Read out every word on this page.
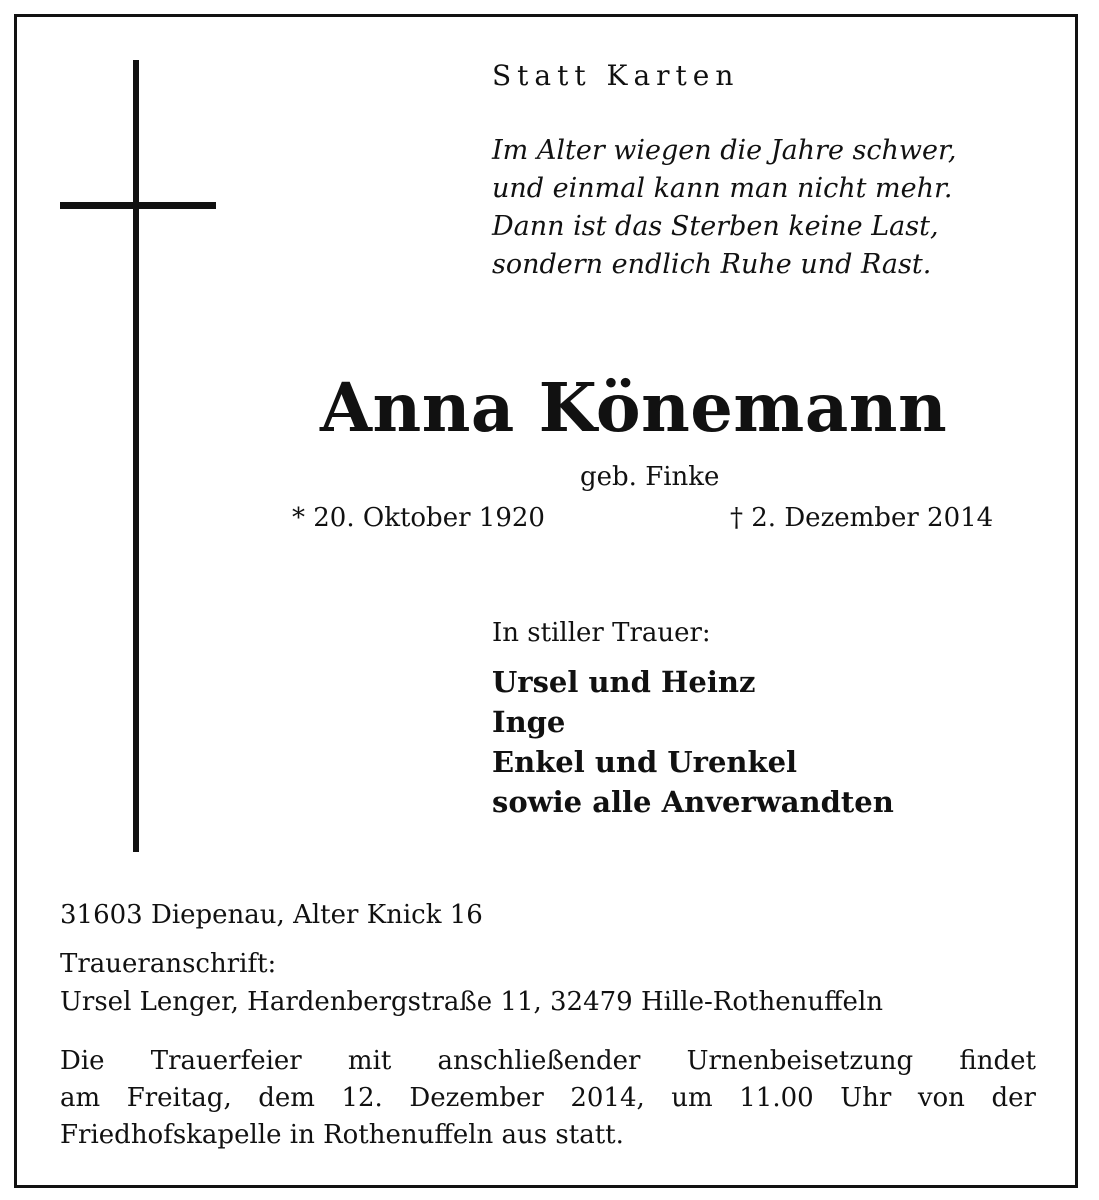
Statt Karten
Im Alter wiegen die Jahre schwer,
und einmal kann man nicht mehr.
Dann ist das Sterben keine Last,
sondern endlich Ruhe und Rast.
Anna Könemann
geb. Finke
* 20. Oktober 1920	† 2. Dezember 2014
In stiller Trauer:
Ursel und Heinz
Inge
Enkel und Urenkel
sowie alle Anverwandten
31603 Diepenau, Alter Knick 16
Traueranschrift:
Ursel Lenger, Hardenbergstraße 11, 32479 Hille-Rothenuffeln
Die Trauerfeier mit anschließender Urnenbeisetzung findet
am Freitag, dem 12. Dezember 2014, um 11.00 Uhr von der
Friedhofskapelle in Rothenuffeln aus statt.
